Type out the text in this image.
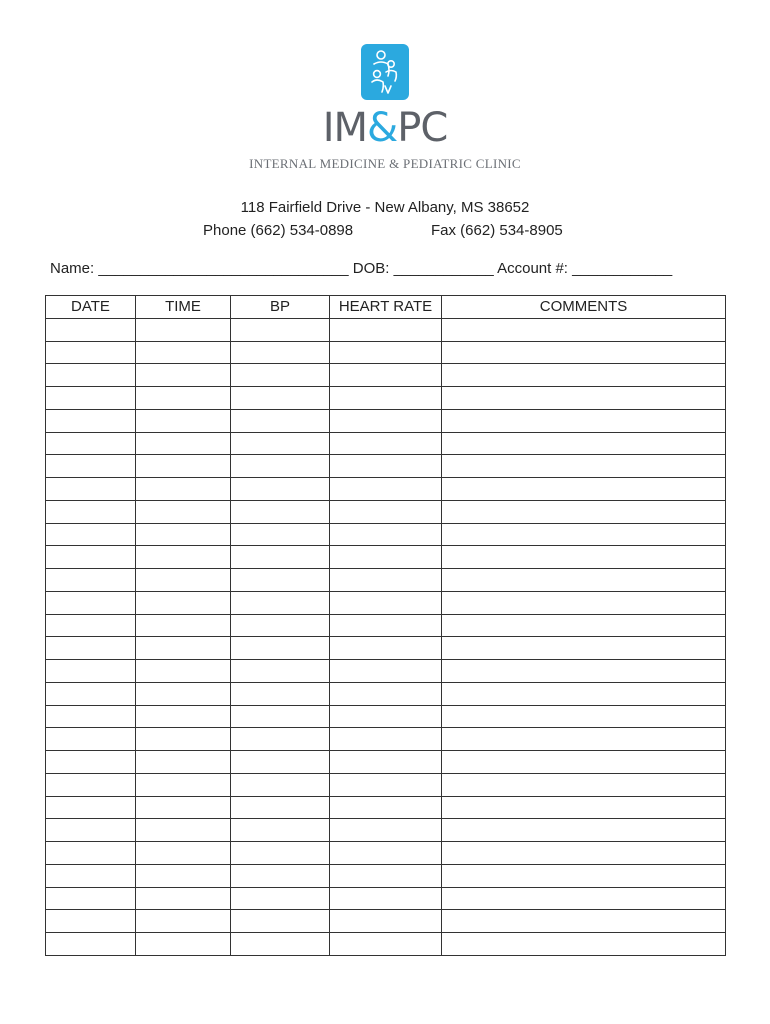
IM&PC
INTERNAL MEDICINE & PEDIATRIC CLINIC
118 Fairfield Drive - New Albany, MS 38652
Phone (662) 534-0898	Fax (662) 534-8905
Name: ______________________________ DOB: ____________ Account #: ____________
DATE	TIME	BP	HEART RATE	COMMENTS
